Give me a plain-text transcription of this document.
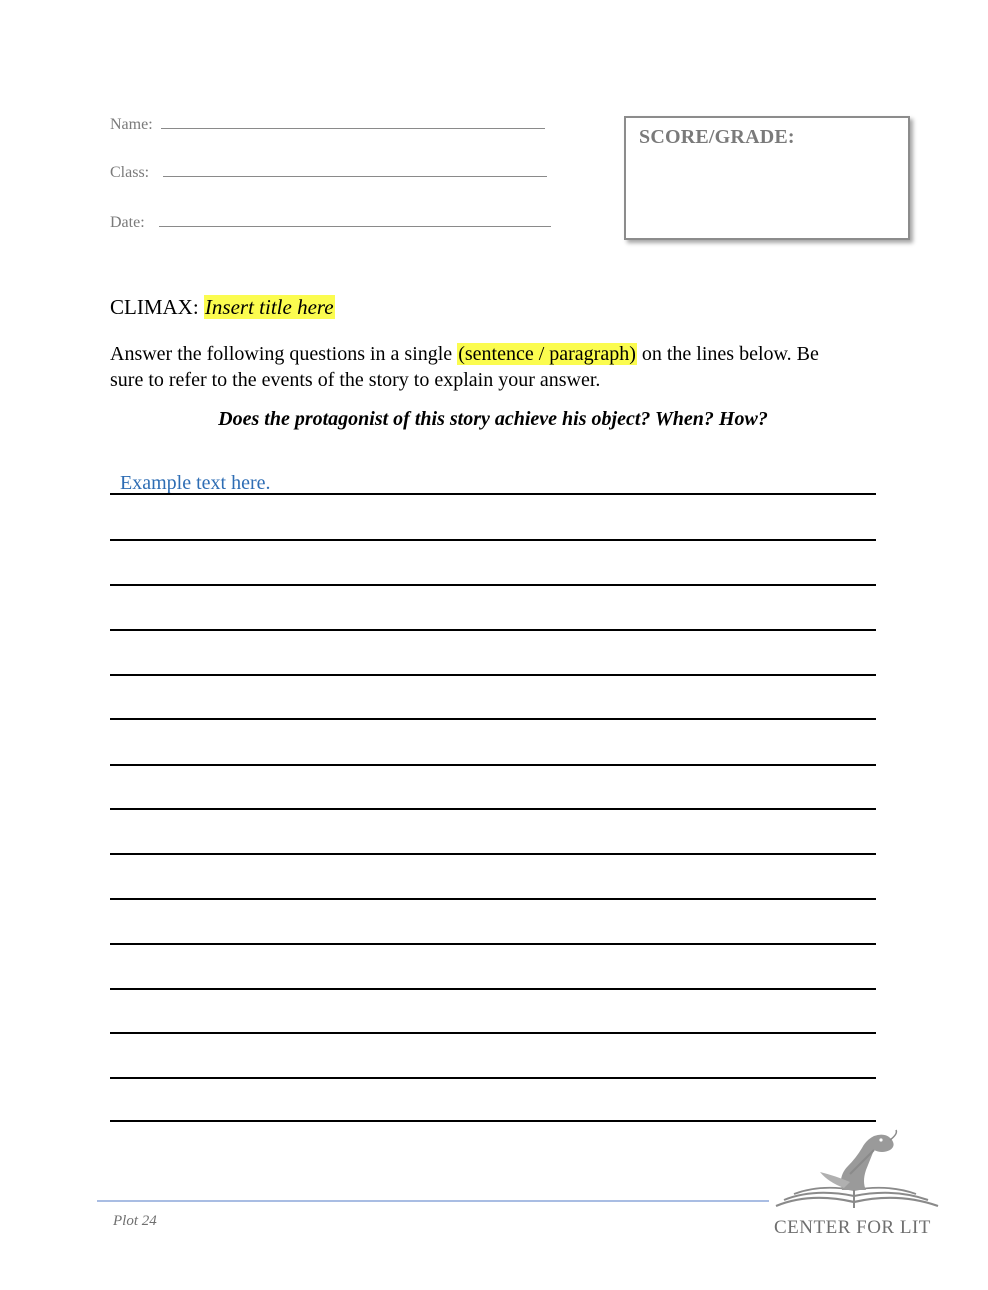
Name:
Class:
Date:
SCORE/GRADE:
CLIMAX: Insert title here
Answer the following questions in a single (sentence / paragraph) on the lines below. Be sure to refer to the events of the story to explain your answer.
Does the protagonist of this story achieve his object? When? How?
Example text here.
Plot 24	CENTER FOR LIT
